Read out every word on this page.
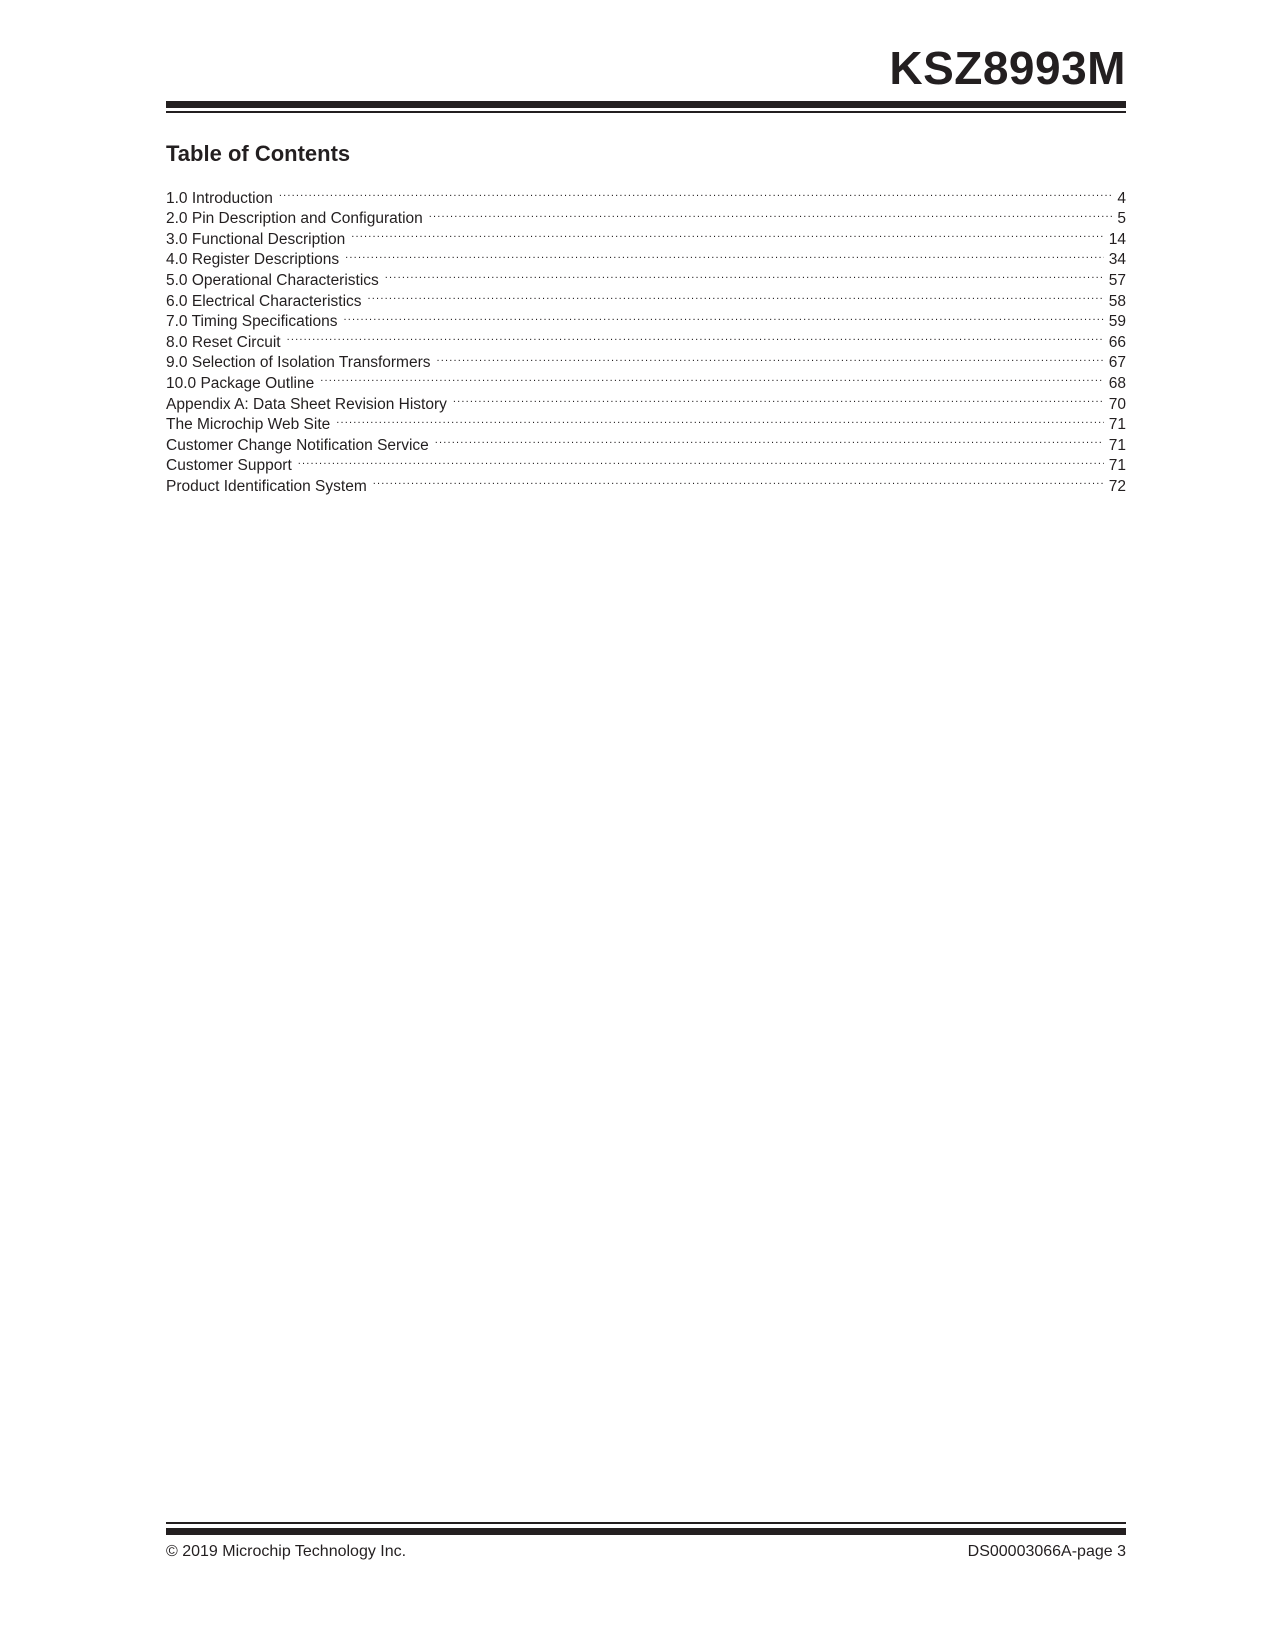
KSZ8993M
Table of Contents
1.0 Introduction .....	4
2.0 Pin Description and Configuration .....	5
3.0 Functional Description .....	14
4.0 Register Descriptions .....	34
5.0 Operational Characteristics .....	57
6.0 Electrical Characteristics .....	58
7.0 Timing Specifications .....	59
8.0 Reset Circuit .....	66
9.0 Selection of Isolation Transformers .....	67
10.0 Package Outline .....	68
Appendix A: Data Sheet Revision History .....	70
The Microchip Web Site .....	71
Customer Change Notification Service .....	71
Customer Support .....	71
Product Identification System .....	72
© 2019 Microchip Technology Inc.	DS00003066A-page 3
